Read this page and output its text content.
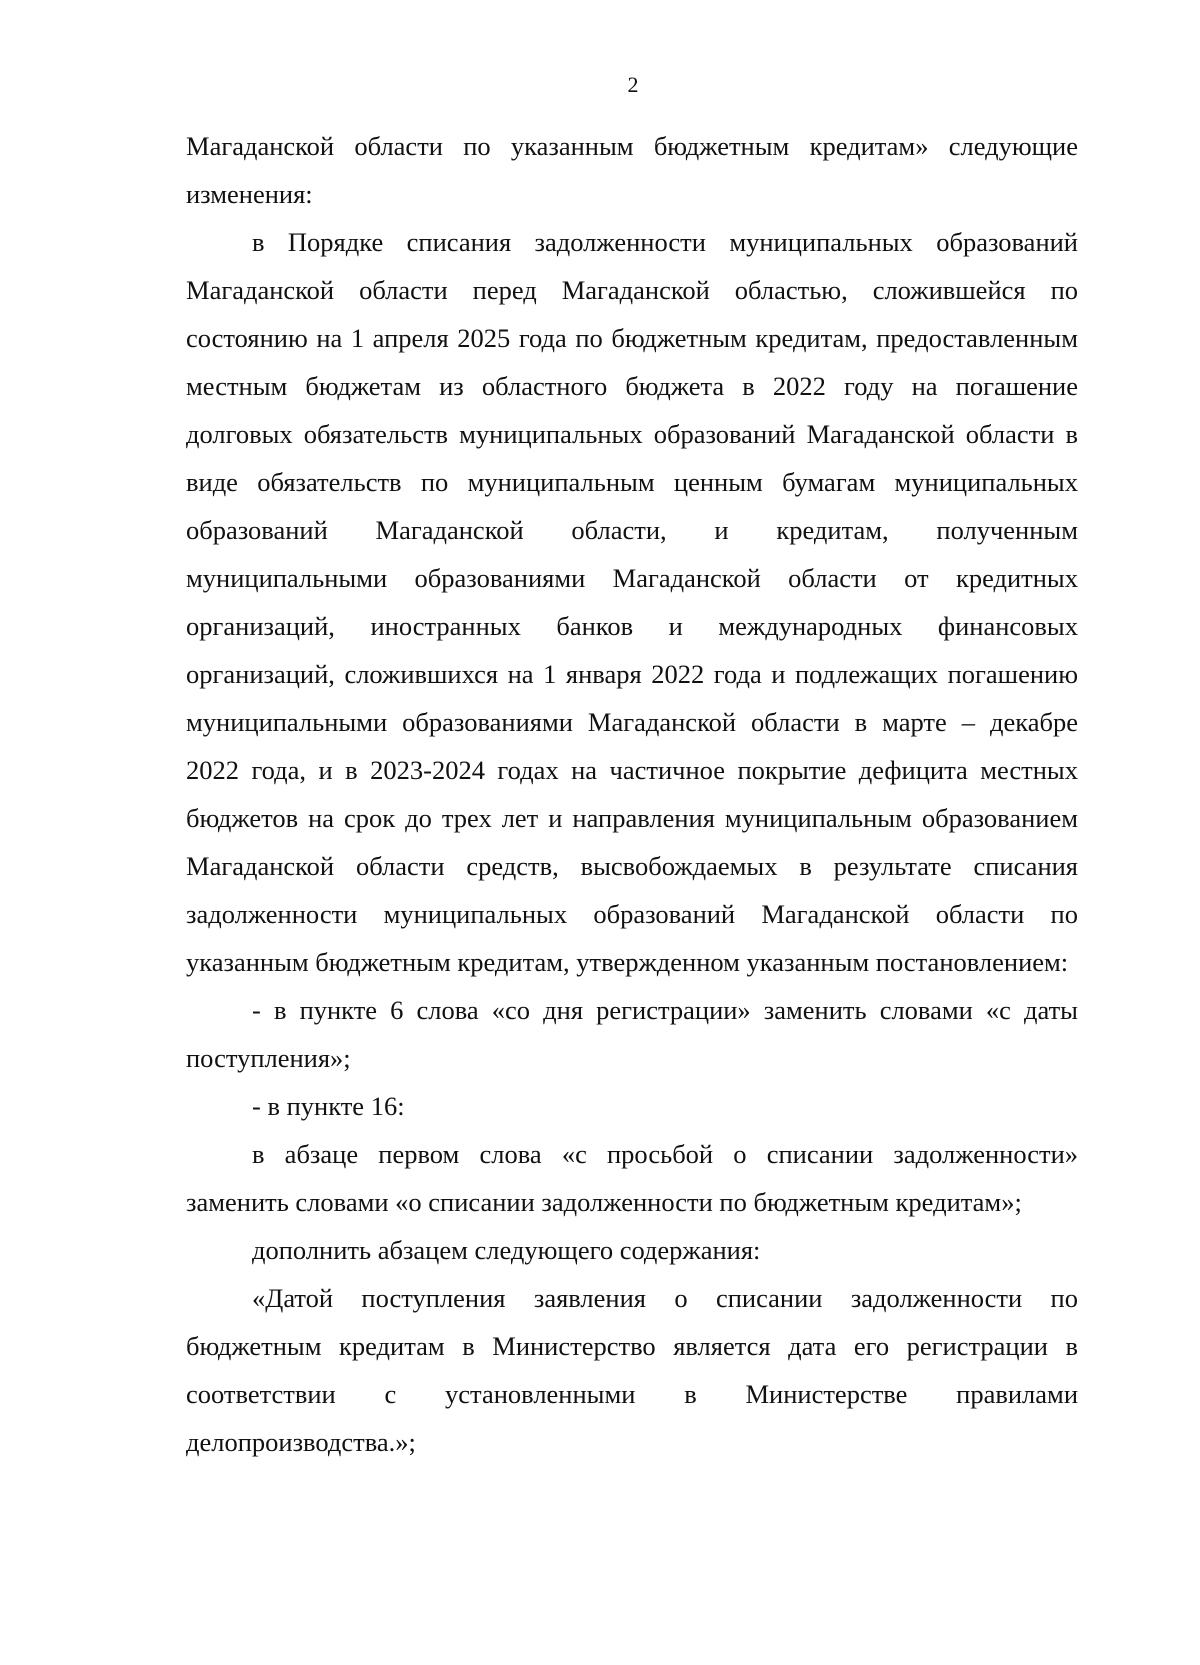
2

Магаданской области по указанным бюджетным кредитам» следующие изменения:

в Порядке списания задолженности муниципальных образований Магаданской области перед Магаданской областью, сложившейся по состоянию на 1 апреля 2025 года по бюджетным кредитам, предоставленным местным бюджетам из областного бюджета в 2022 году на погашение долговых обязательств муниципальных образований Магаданской области в виде обязательств по муниципальным ценным бумагам муниципальных образований Магаданской области, и кредитам, полученным муниципальными образованиями Магаданской области от кредитных организаций, иностранных банков и международных финансовых организаций, сложившихся на 1 января 2022 года и подлежащих погашению муниципальными образованиями Магаданской области в марте – декабре 2022 года, и в 2023-2024 годах на частичное покрытие дефицита местных бюджетов на срок до трех лет и направления муниципальным образованием Магаданской области средств, высвобождаемых в результате списания задолженности муниципальных образований Магаданской области по указанным бюджетным кредитам, утвержденном указанным постановлением:

- в пункте 6 слова «со дня регистрации» заменить словами «с даты поступления»;

- в пункте 16:

в абзаце первом слова «с просьбой о списании задолженности» заменить словами «о списании задолженности по бюджетным кредитам»;

дополнить абзацем следующего содержания:

«Датой поступления заявления о списании задолженности по бюджетным кредитам в Министерство является дата его регистрации в соответствии с установленными в Министерстве правилами делопроизводства.»;
